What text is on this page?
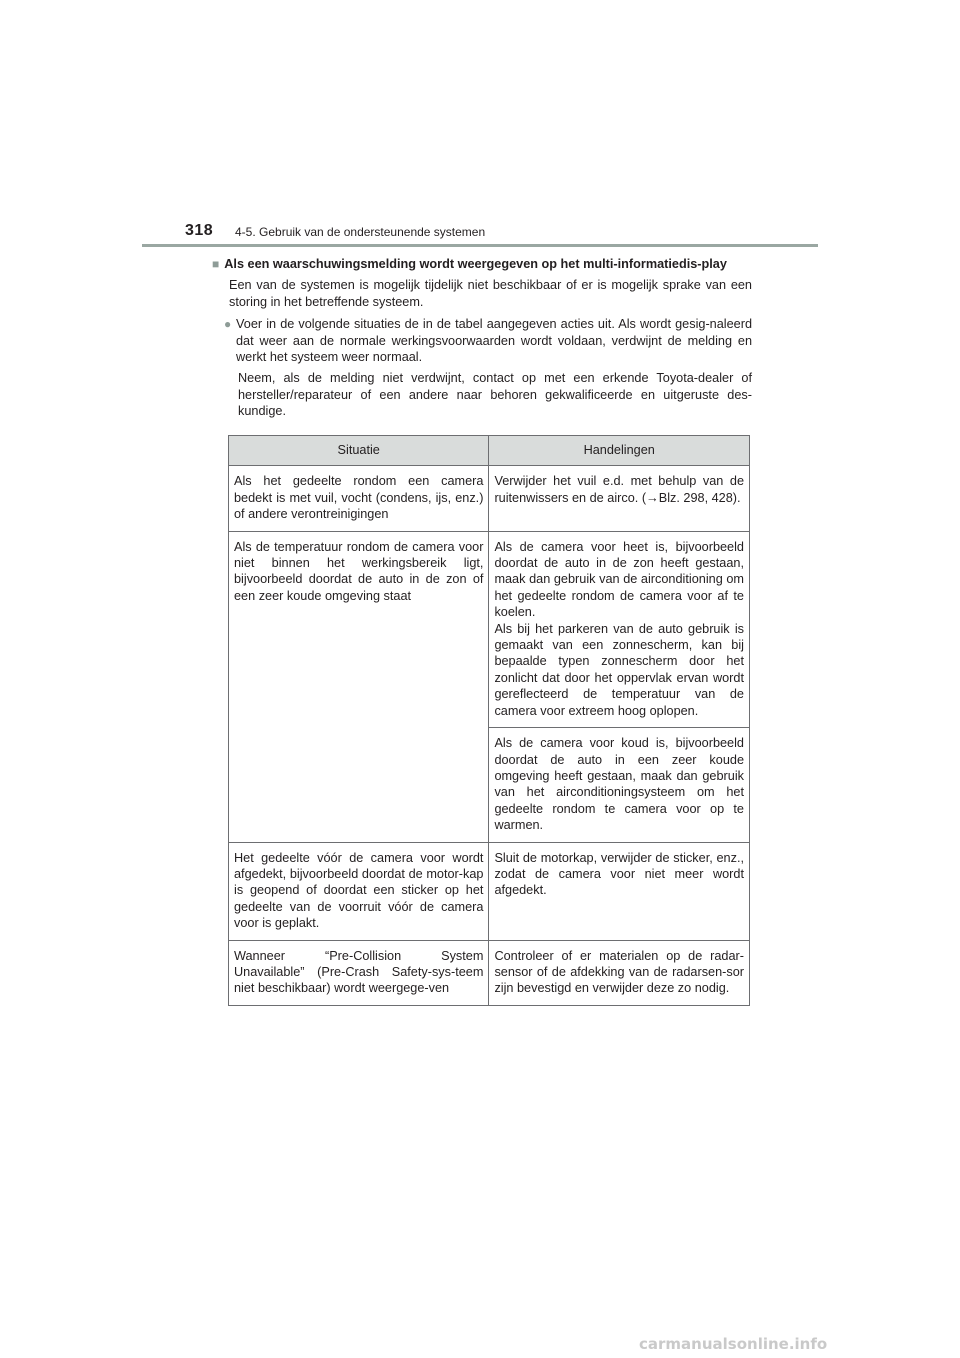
318 4-5. Gebruik van de ondersteunende systemen
■ Als een waarschuwingsmelding wordt weergegeven op het multi-informatiedis-play
Een van de systemen is mogelijk tijdelijk niet beschikbaar of er is mogelijk sprake van een storing in het betreffende systeem.
● Voer in de volgende situaties de in de tabel aangegeven acties uit. Als wordt gesig-naleerd dat weer aan de normale werkingsvoorwaarden wordt voldaan, verdwijnt de melding en werkt het systeem weer normaal.
Neem, als de melding niet verdwijnt, contact op met een erkende Toyota-dealer of hersteller/reparateur of een andere naar behoren gekwalificeerde en uitgeruste des-kundige.
Situatie	Handelingen
Als het gedeelte rondom een camera bedekt is met vuil, vocht (condens, ijs, enz.) of andere verontreinigingen	Verwijder het vuil e.d. met behulp van de ruitenwissers en de airco. (→Blz. 298, 428).
Als de temperatuur rondom de camera voor niet binnen het werkingsbereik ligt, bijvoorbeeld doordat de auto in de zon of een zeer koude omgeving staat	Als de camera voor heet is, bijvoorbeeld doordat de auto in de zon heeft gestaan, maak dan gebruik van de airconditioning om het gedeelte rondom de camera voor af te koelen.
Als bij het parkeren van de auto gebruik is gemaakt van een zonnescherm, kan bij bepaalde typen zonnescherm door het zonlicht dat door het oppervlak ervan wordt gereflecteerd de temperatuur van de camera voor extreem hoog oplopen.
	Als de camera voor koud is, bijvoorbeeld doordat de auto in een zeer koude omgeving heeft gestaan, maak dan gebruik van het airconditioningsysteem om het gedeelte rondom te camera voor op te warmen.
Het gedeelte vóór de camera voor wordt afgedekt, bijvoorbeeld doordat de motor-kap is geopend of doordat een sticker op het gedeelte van de voorruit vóór de camera voor is geplakt.	Sluit de motorkap, verwijder de sticker, enz., zodat de camera voor niet meer wordt afgedekt.
Wanneer “Pre-Collision System Unavailable” (Pre-Crash Safety-sys-teem niet beschikbaar) wordt weergege-ven	Controleer of er materialen op de radar-sensor of de afdekking van de radarsen-sor zijn bevestigd en verwijder deze zo nodig.
carmanualsonline.info
